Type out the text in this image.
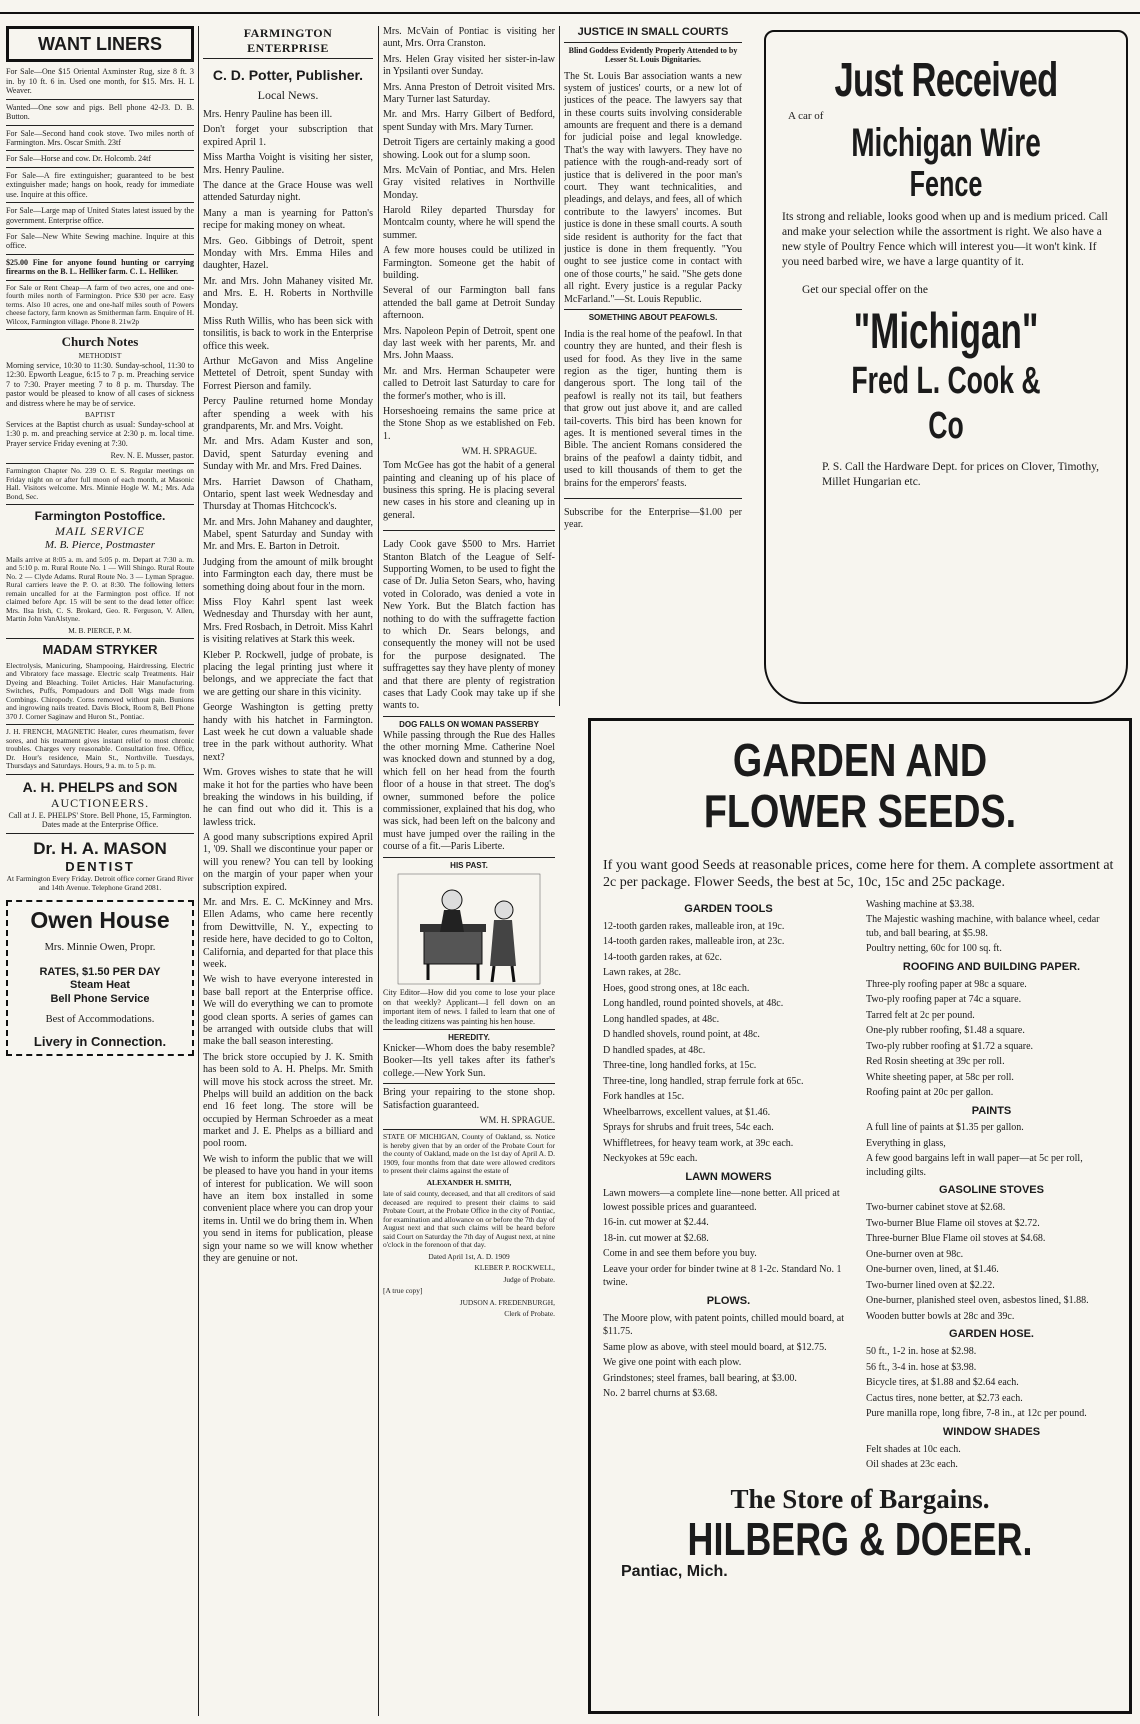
WANT LINERS

For Sale—One $15 Oriental Axminster Rug, size 8 ft. 3 in. by 10 ft. 6 in. Used one month, for $15. Mrs. H. L Weaver.

Wanted—One sow and pigs. Bell phone 42-J3. D. B. Button.

For Sale—Second hand cook stove. Two miles north of Farmington. Mrs. Oscar Smith. 23tf

For Sale—Horse and cow. Dr. Holcomb. 24tf

For Sale—A fire extinguisher; guaranteed to be best extinguisher made; hangs on hook, ready for immediate use. Inquire at this office.

For Sale—Large map of United States latest issued by the government. Enterprise office.

For Sale—New White Sewing machine. Inquire at this office.

$25.00 Fine for anyone found hunting or carrying firearms on the B. L. Helliker farm. C. L. Helliker.

For Sale or Rent Cheap—A farm of two acres, one and one-fourth miles north of Farmington. Price $30 per acre. Easy terms. Also 10 acres, one and one-half miles south of Powers cheese factory, farm known as Smitherman farm. Enquire of H. Wilcox, Farmington village. Phone 8. 21w2p

Church Notes
METHODIST

Morning service, 10:30 to 11:30. Sunday-school, 11:30 to 12:30. Epworth League, 6:15 to 7 p. m. Preaching service 7 to 7:30. Prayer meeting 7 to 8 p. m. Thursday. The pastor would be pleased to know of all cases of sickness and distress where he may be of service.

BAPTIST

Services at the Baptist church as usual: Sunday-school at 1:30 p. m. and preaching service at 2:30 p. m. local time. Prayer service Friday evening at 7:30.

Rev. N. E. Musser, pastor.

Farmington Chapter No. 239 O. E. S. Regular meetings on Friday night on or after full moon of each month, at Masonic Hall. Visitors welcome. Mrs. Minnie Hogle W. M.; Mrs. Ada Bond, Sec.

Farmington Postoffice.
MAIL SERVICE
M. B. Pierce, Postmaster

Mails arrive at 8:05 a. m. and 5:05 p. m. Depart at 7:30 a. m. and 5:10 p. m. Rural Route No. 1 — Will Shingo. Rural Route No. 2 — Clyde Adams. Rural Route No. 3 — Lyman Sprague. Rural carriers leave the P. O. at 8:30. The following letters remain uncalled for at the Farmington post office. If not claimed before Apr. 15 will be sent to the dead letter office: Mrs. Ilsa Irish, C. S. Brokard, Geo. R. Ferguson, V. Allen, Martin John VanAlstyne.

M. B. PIERCE, P. M.

MADAM STRYKER

Electrolysis, Manicuring, Shampooing, Hairdressing, Electric and Vibratory face massage. Electric scalp Treatments. Hair Dyeing and Bleaching. Toilet Articles. Hair Manufacturing. Switches, Puffs, Pompadours and Doll Wigs made from Combings. Chiropody. Corns removed without pain. Bunions and ingrowing nails treated. Davis Block, Room 8, Bell Phone 370 J. Corner Saginaw and Huron St., Pontiac.

J. H. FRENCH, MAGNETIC Healer, cures rheumatism, fever sores, and his treatment gives instant relief to most chronic troubles. Charges very reasonable. Consultation free. Office, Dr. Hour's residence, Main St., Northville. Tuesdays, Thursdays and Saturdays. Hours, 9 a. m. to 5 p. m.

A. H. PHELPS and SON
AUCTIONEERS.

Call at J. E. PHELPS' Store. Bell Phone, 15, Farmington. Dates made at the Enterprise Office.

Dr. H. A. MASON
DENTIST

At Farmington Every Friday. Detroit office corner Grand River and 14th Avenue. Telephone Grand 2081.

Owen House
Mrs. Minnie Owen, Propr.
RATES, $1.50 PER DAY
Steam Heat
Bell Phone Service
Best of Accommodations.
Livery in Connection.
FARMINGTON ENTERPRISE
C. D. Potter, Publisher.
Local News.

Mrs. Henry Pauline has been ill.

Don't forget your subscription that expired April 1.

Miss Martha Voight is visiting her sister, Mrs. Henry Pauline.

The dance at the Grace House was well attended Saturday night.

Many a man is yearning for Patton's recipe for making money on wheat.

Mrs. Geo. Gibbings of Detroit, spent Monday with Mrs. Emma Hiles and daughter, Hazel.

Mr. and Mrs. John Mahaney visited Mr. and Mrs. E. H. Roberts in Northville Monday.

Miss Ruth Willis, who has been sick with tonsilitis, is back to work in the Enterprise office this week.

Arthur McGavon and Miss Angeline Mettetel of Detroit, spent Sunday with Forrest Pierson and family.

Percy Pauline returned home Monday after spending a week with his grandparents, Mr. and Mrs. Voight.

Mr. and Mrs. Adam Kuster and son, David, spent Saturday evening and Sunday with Mr. and Mrs. Fred Daines.

Mrs. Harriet Dawson of Chatham, Ontario, spent last week Wednesday and Thursday at Thomas Hitchcock's.

Mr. and Mrs. John Mahaney and daughter, Mabel, spent Saturday and Sunday with Mr. and Mrs. E. Barton in Detroit.

Judging from the amount of milk brought into Farmington each day, there must be something doing about four in the morn.

Miss Floy Kahrl spent last week Wednesday and Thursday with her aunt, Mrs. Fred Rosbach, in Detroit. Miss Kahrl is visiting relatives at Stark this week.

Kleber P. Rockwell, judge of probate, is placing the legal printing just where it belongs, and we appreciate the fact that we are getting our share in this vicinity.

George Washington is getting pretty handy with his hatchet in Farmington. Last week he cut down a valuable shade tree in the park without authority. What next?

Wm. Groves wishes to state that he will make it hot for the parties who have been breaking the windows in his building, if he can find out who did it. This is a lawless trick.

A good many subscriptions expired April 1, '09. Shall we discontinue your paper or will you renew? You can tell by looking on the margin of your paper when your subscription expired.

Mr. and Mrs. E. C. McKinney and Mrs. Ellen Adams, who came here recently from Dewittville, N. Y., expecting to reside here, have decided to go to Colton, California, and departed for that place this week.

We wish to have everyone interested in base ball report at the Enterprise office. We will do everything we can to promote good clean sports. A series of games can be arranged with outside clubs that will make the ball season interesting.

The brick store occupied by J. K. Smith has been sold to A. H. Phelps. Mr. Smith will move his stock across the street. Mr. Phelps will build an addition on the back end 16 feet long. The store will be occupied by Herman Schroeder as a meat market and J. E. Phelps as a billiard and pool room.

We wish to inform the public that we will be pleased to have you hand in your items of interest for publication. We will soon have an item box installed in some convenient place where you can drop your items in. Until we do bring them in. When you send in items for publication, please sign your name so we will know whether they are genuine or not.

Mrs. McVain of Pontiac is visiting her aunt, Mrs. Orra Cranston.

Mrs. Helen Gray visited her sister-in-law in Ypsilanti over Sunday.

Mrs. Anna Preston of Detroit visited Mrs. Mary Turner last Saturday.

Mr. and Mrs. Harry Gilbert of Bedford, spent Sunday with Mrs. Mary Turner.

Detroit Tigers are certainly making a good showing. Look out for a slump soon.

Mrs. McVain of Pontiac, and Mrs. Helen Gray visited relatives in Northville Monday.

Harold Riley departed Thursday for Montcalm county, where he will spend the summer.

A few more houses could be utilized in Farmington. Someone get the habit of building.

Several of our Farmington ball fans attended the ball game at Detroit Sunday afternoon.

Mrs. Napoleon Pepin of Detroit, spent one day last week with her parents, Mr. and Mrs. John Maass.

Mr. and Mrs. Herman Schaupeter were called to Detroit last Saturday to care for the former's mother, who is ill.

Horseshoeing remains the same price at the Stone Shop as we established on Feb. 1.

WM. H. SPRAGUE.

Tom McGee has got the habit of a general painting and cleaning up of his place of business this spring. He is placing several new cases in his store and cleaning up in general.

Lady Cook gave $500 to Mrs. Harriet Stanton Blatch of the League of Self-Supporting Women, to be used to fight the case of Dr. Julia Seton Sears, who, having voted in Colorado, was denied a vote in New York. But the Blatch faction has nothing to do with the suffragette faction to which Dr. Sears belongs, and consequently the money will not be used for the purpose designated. The suffragettes say they have plenty of money and that there are plenty of registration cases that Lady Cook may take up if she wants to.

DOG FALLS ON WOMAN PASSERBY

While passing through the Rue des Halles the other morning Mme. Catherine Noel was knocked down and stunned by a dog, which fell on her head from the fourth floor of a house in that street. The dog's owner, summoned before the police commissioner, explained that his dog, who was sick, had been left on the balcony and must have jumped over the railing in the course of a fit.—Paris Liberte.

HIS PAST.

City Editor—How did you come to lose your place on that weekly? Applicant—I fell down on an important item of news. I failed to learn that one of the leading citizens was painting his hen house.

HEREDITY.

Knicker—Whom does the baby resemble? Booker—Its yell takes after its father's college.—New York Sun.

Bring your repairing to the stone shop. Satisfaction guaranteed.

WM. H. SPRAGUE.

STATE OF MICHIGAN, County of Oakland, ss. Notice is hereby given that by an order of the Probate Court for the county of Oakland, made on the 1st day of April A. D. 1909, four months from that date were allowed creditors to present their claims against the estate of

ALEXANDER H. SMITH,

late of said county, deceased, and that all creditors of said deceased are required to present their claims to said Probate Court, at the Probate Office in the city of Pontiac, for examination and allowance on or before the 7th day of August next and that such claims will be heard before said Court on Saturday the 7th day of August next, at nine o'clock in the forenoon of that day.

Dated April 1st, A. D. 1909

KLEBER P. ROCKWELL,

Judge of Probate.

[A true copy]

JUDSON A. FREDENBURGH,

Clerk of Probate.

JUSTICE IN SMALL COURTS

Blind Goddess Evidently Properly Attended to by Lesser St. Louis Dignitaries.

The St. Louis Bar association wants a new system of justices' courts, or a new lot of justices of the peace. The lawyers say that in these courts suits involving considerable amounts are frequent and there is a demand for judicial poise and legal knowledge. That's the way with lawyers. They have no patience with the rough-and-ready sort of justice that is delivered in the poor man's court. They want technicalities, and pleadings, and delays, and fees, all of which contribute to the lawyers' incomes. But justice is done in these small courts. A south side resident is authority for the fact that justice is done in them frequently. "You ought to see justice come in contact with one of those courts," he said. "She gets done all right. Every justice is a regular Packy McFarland."—St. Louis Republic.

SOMETHING ABOUT PEAFOWLS.

India is the real home of the peafowl. In that country they are hunted, and their flesh is used for food. As they live in the same region as the tiger, hunting them is dangerous sport. The long tail of the peafowl is really not its tail, but feathers that grow out just above it, and are called tail-coverts. This bird has been known for ages. It is mentioned several times in the Bible. The ancient Romans considered the brains of the peafowl a dainty tidbit, and used to kill thousands of them to get the brains for the emperors' feasts.

Subscribe for the Enterprise—$1.00 per year.

Just Received
A car of
Michigan Wire
Fence

Its strong and reliable, looks good when up and is medium priced. Call and make your selection while the assortment is right. We also have a new style of Poultry Fence which will interest you—it won't kink. If you need barbed wire, we have a large quantity of it.

Get our special offer on the

"Michigan"
Fred L. Cook & Co

P. S. Call the Hardware Dept. for prices on Clover, Timothy, Millet Hungarian etc.

GARDEN AND FLOWER SEEDS.

If you want good Seeds at reasonable prices, come here for them. A complete assortment at 2c per package. Flower Seeds, the best at 5c, 10c, 15c and 25c package.

GARDEN TOOLS
12-tooth garden rakes, malleable iron, at 19c.
14-tooth garden rakes, malleable iron, at 23c.
14-tooth garden rakes, at 62c.
Lawn rakes, at 28c.
Hoes, good strong ones, at 18c each.
Long handled, round pointed shovels, at 48c.
Long handled spades, at 48c.
D handled shovels, round point, at 48c.
D handled spades, at 48c.
Three-tine, long handled forks, at 15c.
Three-tine, long handled, strap ferrule fork at 65c.
Fork handles at 15c.
Wheelbarrows, excellent values, at $1.46.
Sprays for shrubs and fruit trees, 54c each.
Whiffletrees, for heavy team work, at 39c each.
Neckyokes at 59c each.
LAWN MOWERS
Lawn mowers—a complete line—none better. All priced at lowest possible prices and guaranteed.
16-in. cut mower at $2.44.
18-in. cut mower at $2.68.
Come in and see them before you buy.
Leave your order for binder twine at 8 1-2c. Standard No. 1 twine.
PLOWS.
The Moore plow, with patent points, chilled mould board, at $11.75.
Same plow as above, with steel mould board, at $12.75.
We give one point with each plow.
Grindstones; steel frames, ball bearing, at $3.00.
No. 2 barrel churns at $3.68.
Washing machine at $3.38.
The Majestic washing machine, with balance wheel, cedar tub, and ball bearing, at $5.98.
Poultry netting, 60c for 100 sq. ft.
ROOFING AND BUILDING PAPER.
Three-ply roofing paper at 98c a square.
Two-ply roofing paper at 74c a square.
Tarred felt at 2c per pound.
One-ply rubber roofing, $1.48 a square.
Two-ply rubber roofing at $1.72 a square.
Red Rosin sheeting at 39c per roll.
White sheeting paper, at 58c per roll.
Roofing paint at 20c per gallon.
PAINTS
A full line of paints at $1.35 per gallon.
Everything in glass,
A few good bargains left in wall paper—at 5c per roll, including gilts.
GASOLINE STOVES
Two-burner cabinet stove at $2.68.
Two-burner Blue Flame oil stoves at $2.72.
Three-burner Blue Flame oil stoves at $4.68.
One-burner oven at 98c.
One-burner oven, lined, at $1.46.
Two-burner lined oven at $2.22.
One-burner, planished steel oven, asbestos lined, $1.88.
Wooden butter bowls at 28c and 39c.
GARDEN HOSE.
50 ft., 1-2 in. hose at $2.98.
56 ft., 3-4 in. hose at $3.98.
Bicycle tires, at $1.88 and $2.64 each.
Cactus tires, none better, at $2.73 each.
Pure manilla rope, long fibre, 7-8 in., at 12c per pound.
WINDOW SHADES
Felt shades at 10c each.
Oil shades at 23c each.
The Store of Bargains.
HILBERG & DOEER.
Pantiac, Mich.
